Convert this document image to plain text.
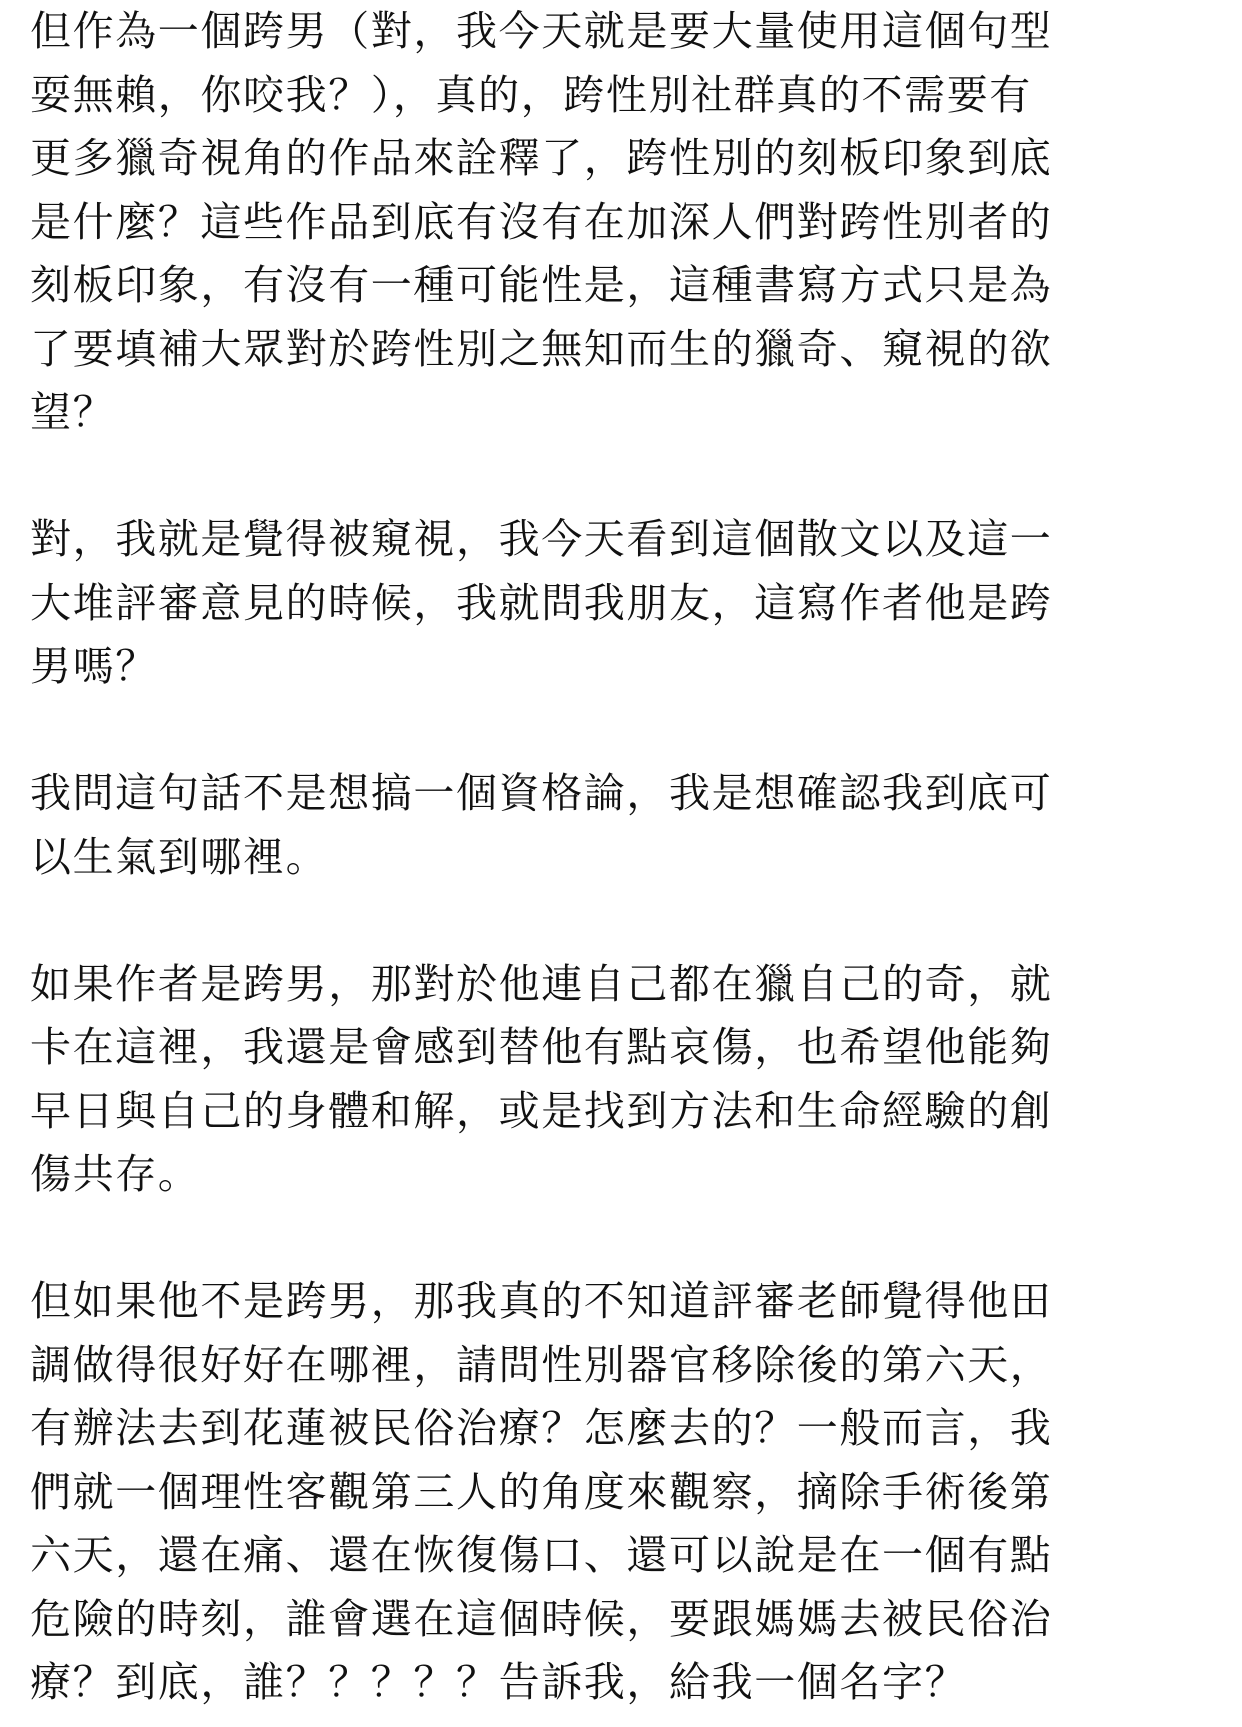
但作為一個跨男（對，我今天就是要大量使用這個句型
耍無賴，你咬我？），真的，跨性別社群真的不需要有
更多獵奇視角的作品來詮釋了，跨性別的刻板印象到底
是什麼？這些作品到底有沒有在加深人們對跨性別者的
刻板印象，有沒有一種可能性是，這種書寫方式只是為
了要填補大眾對於跨性別之無知而生的獵奇、窺視的欲
望？
對，我就是覺得被窺視，我今天看到這個散文以及這一
大堆評審意見的時候，我就問我朋友，這寫作者他是跨
男嗎？
我問這句話不是想搞一個資格論，我是想確認我到底可
以生氣到哪裡。
如果作者是跨男，那對於他連自己都在獵自己的奇，就
卡在這裡，我還是會感到替他有點哀傷，也希望他能夠
早日與自己的身體和解，或是找到方法和生命經驗的創
傷共存。
但如果他不是跨男，那我真的不知道評審老師覺得他田
調做得很好好在哪裡，請問性別器官移除後的第六天，
有辦法去到花蓮被民俗治療？怎麼去的？一般而言，我
們就一個理性客觀第三人的角度來觀察，摘除手術後第
六天，還在痛、還在恢復傷口、還可以說是在一個有點
危險的時刻，誰會選在這個時候，要跟媽媽去被民俗治
療？到底，誰？？？？？告訴我，給我一個名字？
